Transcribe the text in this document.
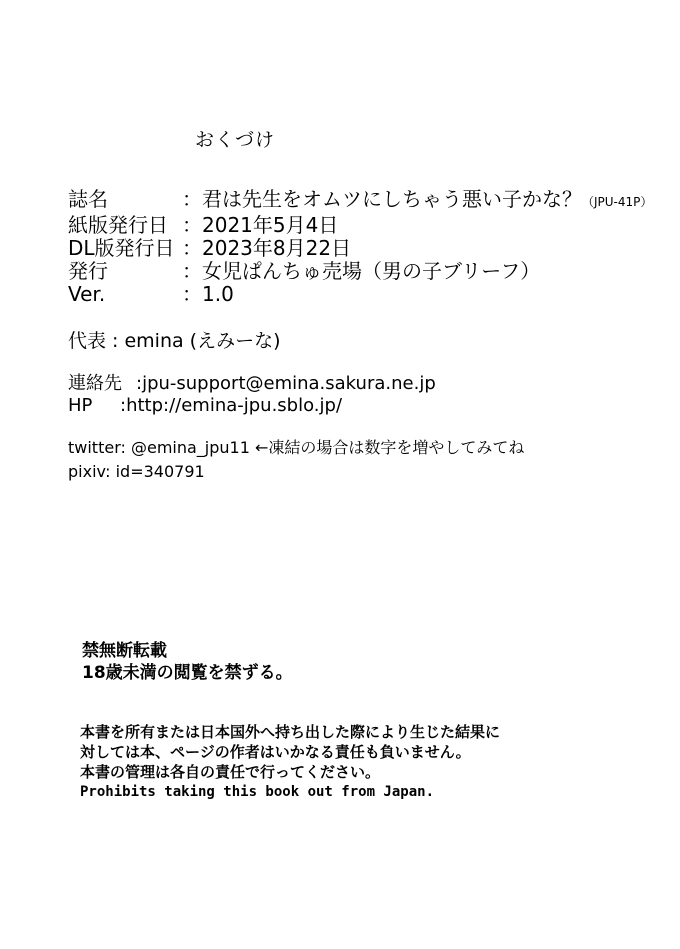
おくづけ
誌名	：君は先生をオムツにしちゃう悪い子かな？（JPU-41P）
紙版発行日 ：2021年5月4日
DL版発行日 ：2023年8月22日
発行	：女児ぱんちゅ売場（男の子ブリーフ）
Ver.	：1.0
代表 : emina (えみーな)
連絡先 :jpu-support@emina.sakura.ne.jp
HP :http://emina-jpu.sblo.jp/
twitter: @emina_jpu11 ←凍結の場合は数字を増やしてみてね
pixiv: id=340791
禁無断転載
18歳未満の閲覧を禁ずる。
本書を所有または日本国外へ持ち出した際により生じた結果に
対しては本、ページの作者はいかなる責任も負いません。
本書の管理は各自の責任で行ってください。
Prohibits taking this book out from Japan.
